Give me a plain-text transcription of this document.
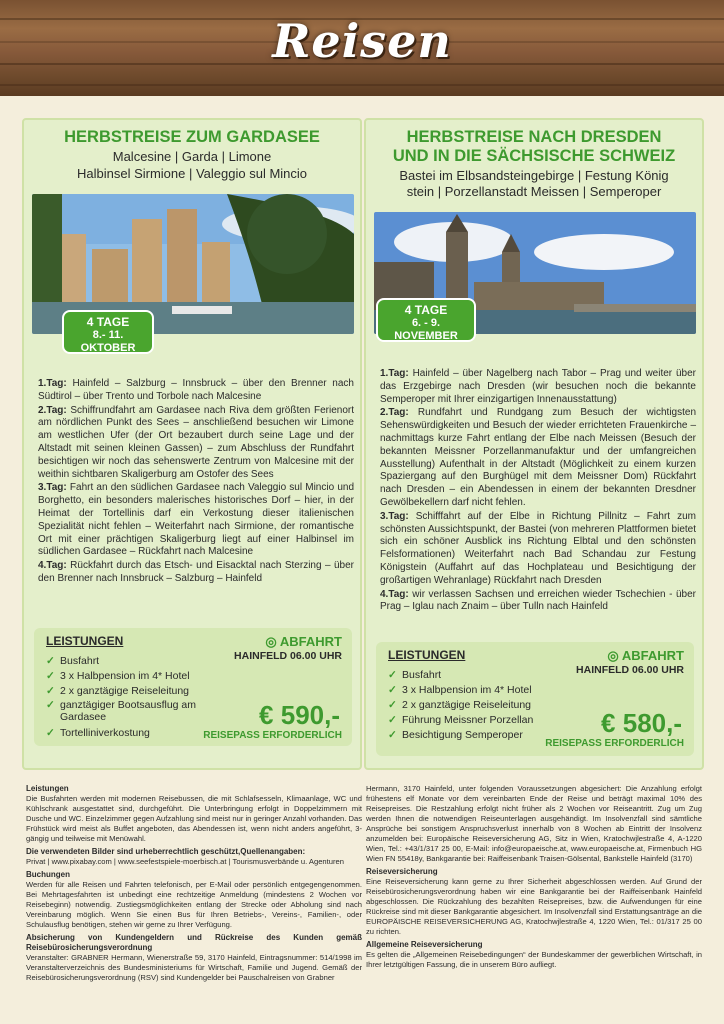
Reisen
HERBSTREISE ZUM GARDASEE
Malcesine | Garda | Limone
Halbinsel Sirmione | Valeggio sul Mincio
4 TAGE
8.- 11.
OKTOBER

1.Tag: Hainfeld – Salzburg – Innsbruck – über den Brenner nach Südtirol – über Trento und Torbole nach Malcesine

2.Tag: Schiffrundfahrt am Gardasee nach Riva dem größten Ferienort am nördlichen Punkt des Sees – anschließend besuchen wir Limone am westlichen Ufer (der Ort bezaubert durch seine Lage und der Altstadt mit seinen kleinen Gassen) – zum Abschluss der Rundfahrt besichtigen wir noch das sehenswerte Zentrum von Malcesine mit der weithin sichtbaren Skaligerburg am Ostofer des Sees

3.Tag: Fahrt an den südlichen Gardasee nach Valeggio sul Mincio und Borghetto, ein besonders malerisches historisches Dorf – hier, in der Heimat der Tortellinis darf ein Verkostung dieser italienischen Spezialität nicht fehlen – Weiterfahrt nach Sirmione, der romantische Ort mit einer prächtigen Skaligerburg liegt auf einer Halbinsel im südlichen Gardasee – Rückfahrt nach Malcesine

4.Tag: Rückfahrt durch das Etsch- und Eisacktal nach Sterzing – über den Brenner nach Innsbruck – Salzburg – Hainfeld

LEISTUNGEN
✓ Busfahrt
✓ 3 x Halbpension im 4* Hotel
✓ 2 x ganztägige Reiseleitung
✓ ganztägiger Bootsausflug am Gardasee
✓ Tortelliniverkostung
◎ ABFAHRT
HAINFELD 06.00 UHR
€ 590,-
REISEPASS ERFORDERLICH
HERBSTREISE NACH DRESDEN
UND IN DIE SÄCHSISCHE SCHWEIZ
Bastei im Elbsandsteingebirge | Festung König
stein | Porzellanstadt Meissen | Semperoper
4 TAGE
6. - 9.
NOVEMBER

1.Tag: Hainfeld – über Nagelberg nach Tabor – Prag und weiter über das Erzgebirge nach Dresden (wir besuchen noch die bekannte Semperoper mit Ihrer einzigartigen Innenausstattung)

2.Tag: Rundfahrt und Rundgang zum Besuch der wichtigsten Sehenswürdigkeiten und Besuch der wieder errichteten Frauenkirche – nachmittags kurze Fahrt entlang der Elbe nach Meissen (Besuch der bekannten Meissner Porzellanmanufaktur und der umfangreichen Ausstellung) Aufenthalt in der Altstadt (Möglichkeit zu einem kurzen Spaziergang auf den Burghügel mit dem Meissner Dom) Rückfahrt nach Dresden – ein Abendessen in einem der bekannten Dresdner Gewölbekellern darf nicht fehlen.

3.Tag: Schifffahrt auf der Elbe in Richtung Pillnitz – Fahrt zum schönsten Aussichtspunkt, der Bastei (von mehreren Plattformen bietet sich ein schöner Ausblick ins Richtung Elbtal und den schönsten Felsformationen) Weiterfahrt nach Bad Schandau zur Festung Königstein (Auffahrt auf das Hochplateau und Besichtigung der großartigen Wehranlage) Rückfahrt nach Dresden

4.Tag: wir verlassen Sachsen und erreichen wieder Tschechien - über Prag – Iglau nach Znaim – über Tulln nach Hainfeld

LEISTUNGEN
✓ Busfahrt
✓ 3 x Halbpension im 4* Hotel
✓ 2 x ganztägige Reiseleitung
✓ Führung Meissner Porzellan
✓ Besichtigung Semperoper
◎ ABFAHRT
HAINFELD 06.00 UHR
€ 580,-
REISEPASS ERFORDERLICH

Leistungen

Die Busfahrten werden mit modernen Reisebussen, die mit Schlafsesseln, Klimaanlage, WC und Kühlschrank ausgestattet sind, durchgeführt. Die Unterbringung erfolgt in Doppelzimmern mit Dusche und WC. Einzelzimmer gegen Aufzahlung sind meist nur in geringer Anzahl vorhanden. Das Frühstück wird meist als Buffet angeboten, das Abendessen ist, wenn nicht anders angeführt, 3-gängig und teilweise mit Menüwahl.

Die verwendeten Bilder sind urheberrechtlich geschützt,Quellenangaben:

Privat | www.pixabay.com | www.seefestspiele-moerbisch.at | Tourismusverbände u. Agenturen

Buchungen

Werden für alle Reisen und Fahrten telefonisch, per E-Mail oder persönlich entgegengenommen. Bei Mehrtagesfahrten ist unbedingt eine rechtzeitige Anmeldung (mindestens 2 Wochen vor Reisebeginn) notwendig. Zustiegsmöglichkeiten entlang der Strecke oder Abholung sind nach Vereinbarung möglich. Wenn Sie einen Bus für Ihren Betriebs-, Vereins-, Familien-, oder Schulausflug benötigen, stehen wir gerne zu Ihrer Verfügung.

Absicherung von Kundengeldern und Rückreise des Kunden gemäß Reisebürosicherungsverordnung

Veranstalter: GRABNER Hermann, Wienerstraße 59, 3170 Hainfeld, Eintragsnummer: 514/1998 im Veranstalterverzeichnis des Bundesministeriums für Wirtschaft, Familie und Jugend. Gemäß der Reisebürosicherungsverordnung (RSV) sind Kundengelder bei Pauschalreisen von Grabner

Hermann, 3170 Hainfeld, unter folgenden Voraussetzungen abgesichert: Die Anzahlung erfolgt frühestens elf Monate vor dem vereinbarten Ende der Reise und beträgt maximal 10% des Reisepreises. Die Restzahlung erfolgt nicht früher als 2 Wochen vor Reiseantritt. Zug um Zug werden Ihnen die notwendigen Reiseunterlagen ausgehändigt. Im Insolvenzfall sind sämtliche Ansprüche bei sonstigem Anspruchsverlust innerhalb von 8 Wochen ab Eintritt der Insolvenz anzumelden bei: Europäische Reiseversicherung AG, Sitz in Wien, Kratochwjlestraße 4, A-1220 Wien, Tel.: +43/1/317 25 00, E-Mail: info@europaeische.at, www.europaeische.at, Firmenbuch HG Wien FN 55418y, Bankgarantie bei: Raiffeisenbank Traisen-Gölsental, Bankstelle Hainfeld (3170)

Reiseversicherung

Eine Reiseversicherung kann gerne zu Ihrer Sicherheit abgeschlossen werden. Auf Grund der Reisebürosicherungsverordnung haben wir eine Bankgarantie bei der Raiffeisenbank Hainfeld abgeschlossen. Die Rückzahlung des bezahlten Reisepreises, bzw. die Aufwendungen für eine Rückreise sind mit dieser Bankgarantie abgesichert. Im Insolvenzfall sind Erstattungsanträge an die EUROPÄISCHE REISEVERSICHERUNG AG, Kratochwjlestraße 4, 1220 Wien, Tel.: 01/317 25 00 zu richten.

Allgemeine Reiseversicherung

Es gelten die „Allgemeinen Reisebedingungen“ der Bundeskammer der gewerblichen Wirtschaft, in Ihrer letztgültigen Fassung, die in unserem Büro aufliegt.
